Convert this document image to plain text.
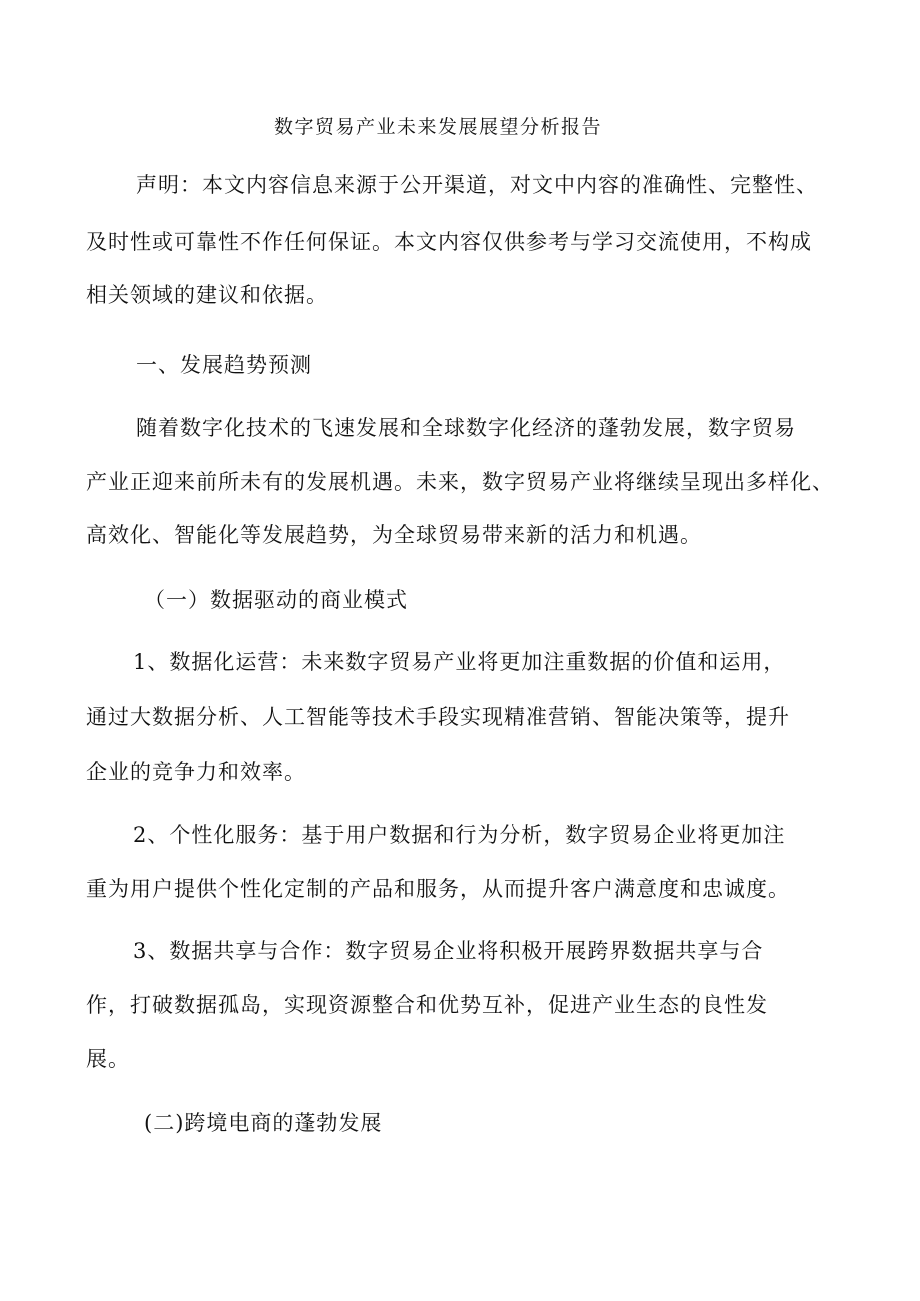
数字贸易产业未来发展展望分析报告
声明：本文内容信息来源于公开渠道，对文中内容的准确性、完整性、
及时性或可靠性不作任何保证。本文内容仅供参考与学习交流使用，不构成
相关领域的建议和依据。
一、发展趋势预测
随着数字化技术的飞速发展和全球数字化经济的蓬勃发展，数字贸易
产业正迎来前所未有的发展机遇。未来，数字贸易产业将继续呈现出多样化、
高效化、智能化等发展趋势，为全球贸易带来新的活力和机遇。
（一）数据驱动的商业模式
1、数据化运营：未来数字贸易产业将更加注重数据的价值和运用，
通过大数据分析、人工智能等技术手段实现精准营销、智能决策等，提升
企业的竞争力和效率。
2、个性化服务：基于用户数据和行为分析，数字贸易企业将更加注
重为用户提供个性化定制的产品和服务，从而提升客户满意度和忠诚度。
3、数据共享与合作：数字贸易企业将积极开展跨界数据共享与合
作，打破数据孤岛，实现资源整合和优势互补，促进产业生态的良性发
展。
(二)跨境电商的蓬勃发展
